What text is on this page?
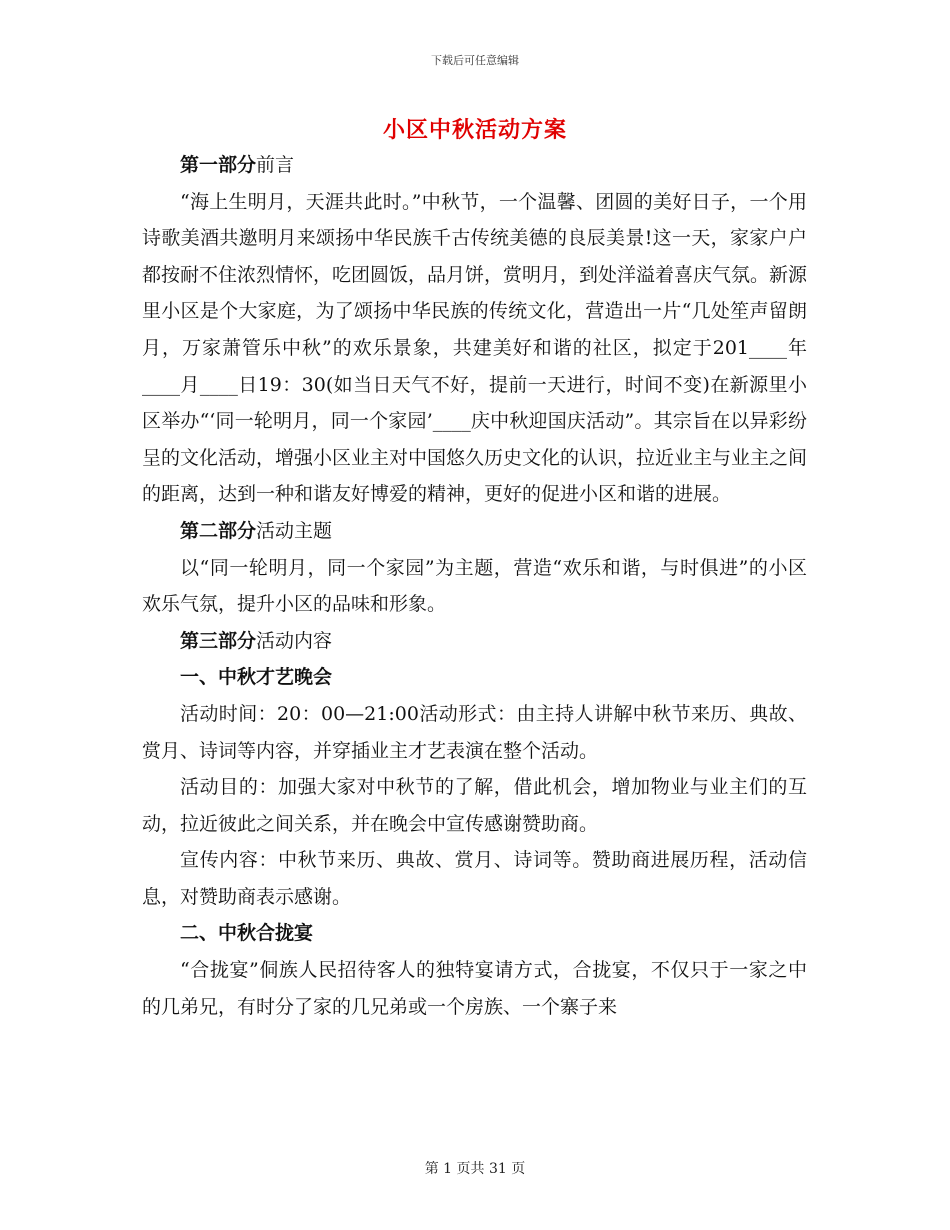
下载后可任意编辑
小区中秋活动方案

第一部分前言

“海上生明月，天涯共此时。”中秋节，一个温馨、团圆的美好日子，一个用诗歌美酒共邀明月来颂扬中华民族千古传统美德的良辰美景!这一天，家家户户都按耐不住浓烈情怀，吃团圆饭，品月饼，赏明月，到处洋溢着喜庆气氛。新源里小区是个大家庭，为了颂扬中华民族的传统文化，营造出一片“几处笙声留朗月，万家萧管乐中秋”的欢乐景象，共建美好和谐的社区，拟定于201____年____月____日19：30(如当日天气不好，提前一天进行，时间不变)在新源里小区举办“‘同一轮明月，同一个家园’____庆中秋迎国庆活动”。其宗旨在以异彩纷呈的文化活动，增强小区业主对中国悠久历史文化的认识，拉近业主与业主之间的距离，达到一种和谐友好博爱的精神，更好的促进小区和谐的进展。

第二部分活动主题

以“同一轮明月，同一个家园”为主题，营造“欢乐和谐，与时俱进”的小区欢乐气氛，提升小区的品味和形象。

第三部分活动内容

一、中秋才艺晚会

活动时间：20：00—21:00活动形式：由主持人讲解中秋节来历、典故、赏月、诗词等内容，并穿插业主才艺表演在整个活动。

活动目的：加强大家对中秋节的了解，借此机会，增加物业与业主们的互动，拉近彼此之间关系，并在晚会中宣传感谢赞助商。

宣传内容：中秋节来历、典故、赏月、诗词等。赞助商进展历程，活动信息，对赞助商表示感谢。

二、中秋合拢宴

“合拢宴”侗族人民招待客人的独特宴请方式，合拢宴，不仅只于一家之中的几弟兄，有时分了家的几兄弟或一个房族、一个寨子来

第 1 页共 31 页
